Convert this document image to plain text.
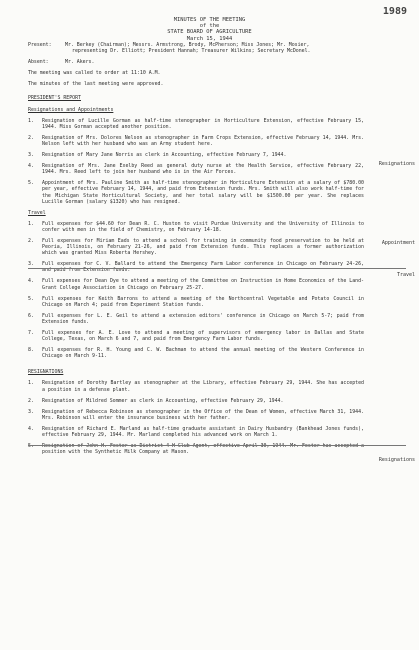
1989
MINUTES OF THE MEETING
of the
STATE BOARD OF AGRICULTURE
March 15, 1944
Present:	Mr. Berkey (Chairman); Messrs. Armstrong, Brody, McPherson; Miss Jones; Mr. Mosier,
representing Dr. Elliott; President Hannah; Treasurer Wilkins; Secretary McDonel.
Absent:	Mr. Akers.

The meeting was called to order at 11:10 A.M.

The minutes of the last meeting were approved.

PRESIDENT'S REPORT

Resignations and Appointments

1.	Resignation of Lucille Gorman as half-time stenographer in Horticulture Extension, effective February 15, 1944. Miss Gorman accepted another position.
2.	Resignation of Mrs. Dolores Nelson as stenographer in Farm Crops Extension, effective February 14, 1944. Mrs. Nelson left with her husband who was an Army student here.
3.	Resignation of Mary Jane Norris as clerk in Accounting, effective February 7, 1944.
4.	Resignation of Mrs. Jane Exelby Reed as general duty nurse at the Health Service, effective February 22, 1944. Mrs. Reed left to join her husband who is in the Air Forces.
5.	Appointment of Mrs. Pauline Smith as half-time stenographer in Horticulture Extension at a salary of $780.00 per year, effective February 14, 1944, and paid from Extension funds. Mrs. Smith will also work half-time for the Michigan State Horticultural Society, and her total salary will be $1500.00 per year. She replaces Lucille Gorman (salary $1320) who has resigned.

Travel

1.	Full expenses for $44.60 for Dean R. C. Huston to visit Purdue University and the University of Illinois to confer with men in the field of Chemistry, on February 14-18.
2.	Full expenses for Miriam Eads to attend a school for training in community food preservation to be held at Peoria, Illinois, on February 21-26, and paid from Extension funds. This replaces a former authorization which was granted Miss Roberta Hershey.
3.	Full expenses for C. V. Ballard to attend the Emergency Farm Labor conference in Chicago on February 24-26, and paid from Extension funds.
4.	Full expenses for Dean Dye to attend a meeting of the Committee on Instruction in Home Economics of the Land-Grant College Association in Chicago on February 25-27.
5.	Full expenses for Keith Barrons to attend a meeting of the Northcentral Vegetable and Potato Council in Chicago on March 4; paid from Experiment Station funds.
6.	Full expenses for L. E. Geil to attend a extension editors' conference in Chicago on March 5-7; paid from Extension funds.
7.	Full expenses for A. E. Love to attend a meeting of supervisors of emergency labor in Dallas and State College, Texas, on March 6 and 7, and paid from Emergency Farm Labor funds.
8.	Full expenses for R. H. Young and C. W. Bachman to attend the annual meeting of the Western Conference in Chicago on March 9-11.

RESIGNATIONS

1.	Resignation of Dorothy Bartley as stenographer at the Library, effective February 29, 1944. She has accepted a position in a defense plant.
2.	Resignation of Mildred Sommer as clerk in Accounting, effective February 29, 1944.
3.	Resignation of Rebecca Robinson as stenographer in the Office of the Dean of Women, effective March 31, 1944. Mrs. Robinson will enter the insurance business with her father.
4.	Resignation of Richard E. Marland as half-time graduate assistant in Dairy Husbandry (Bankhead Jones funds), effective February 29, 1944. Mr. Marland completed his advanced work on March 1.
5.	Resignation of John H. Foster as District 4-H Club Agent, effective April 30, 1944. Mr. Foster has accepted a position with the Synthetic Milk Company at Mason.
Resignations
Appointment
Travel
Resignations
